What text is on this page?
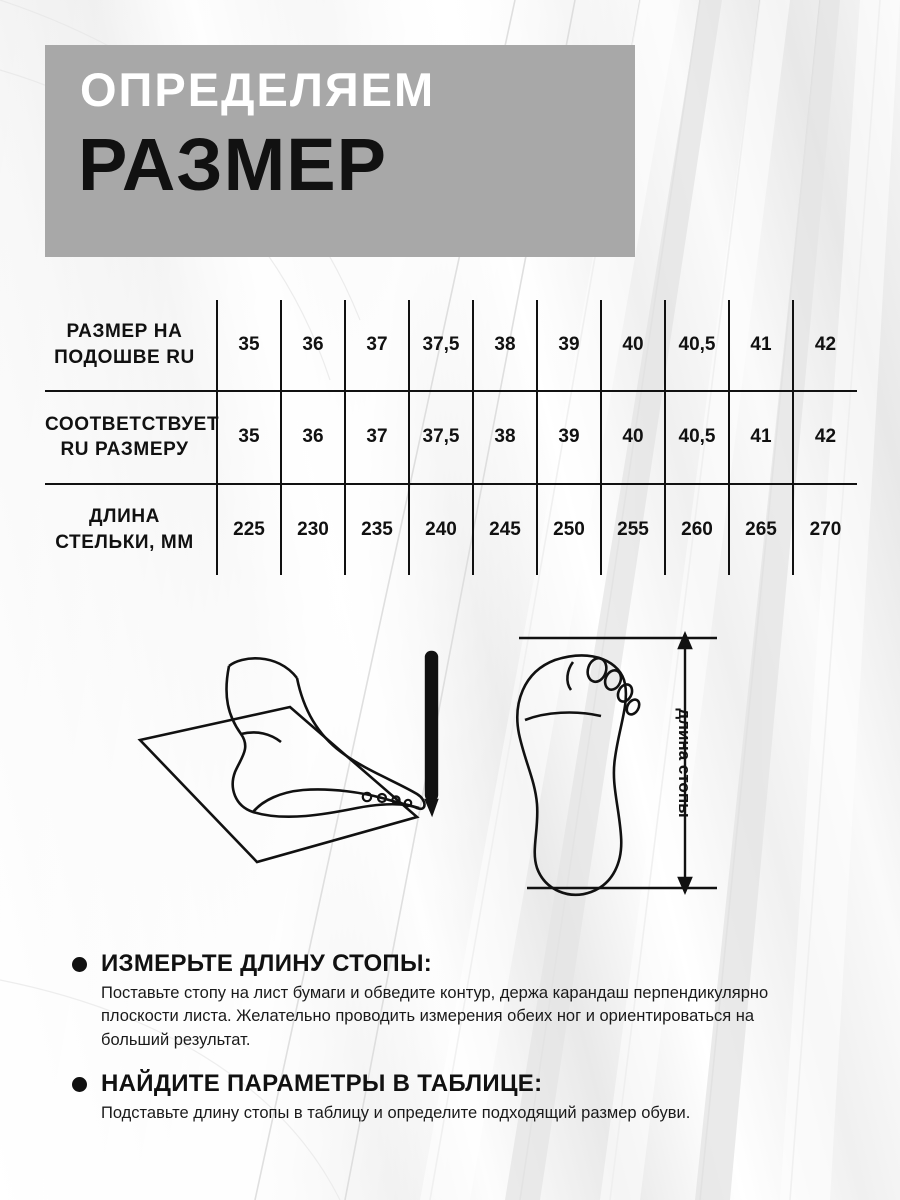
ОПРЕДЕЛЯЕМ
РАЗМЕР
РАЗМЕР НА ПОДОШВЕ RU	35	36	37	37,5	38	39	40	40,5	41	42
СООТВЕТСТВУЕТ RU РАЗМЕРУ	35	36	37	37,5	38	39	40	40,5	41	42
ДЛИНА СТЕЛЬКИ, ММ	225	230	235	240	245	250	255	260	265	270
длина стопы
ИЗМЕРЬТЕ ДЛИНУ СТОПЫ:
Поставьте стопу на лист бумаги и обведите контур, держа карандаш перпендикулярно плоскости листа. Желательно проводить измерения обеих ног и ориентироваться на больший результат.
НАЙДИТЕ ПАРАМЕТРЫ В ТАБЛИЦЕ:
Подставьте длину стопы в таблицу и определите подходящий размер обуви.
